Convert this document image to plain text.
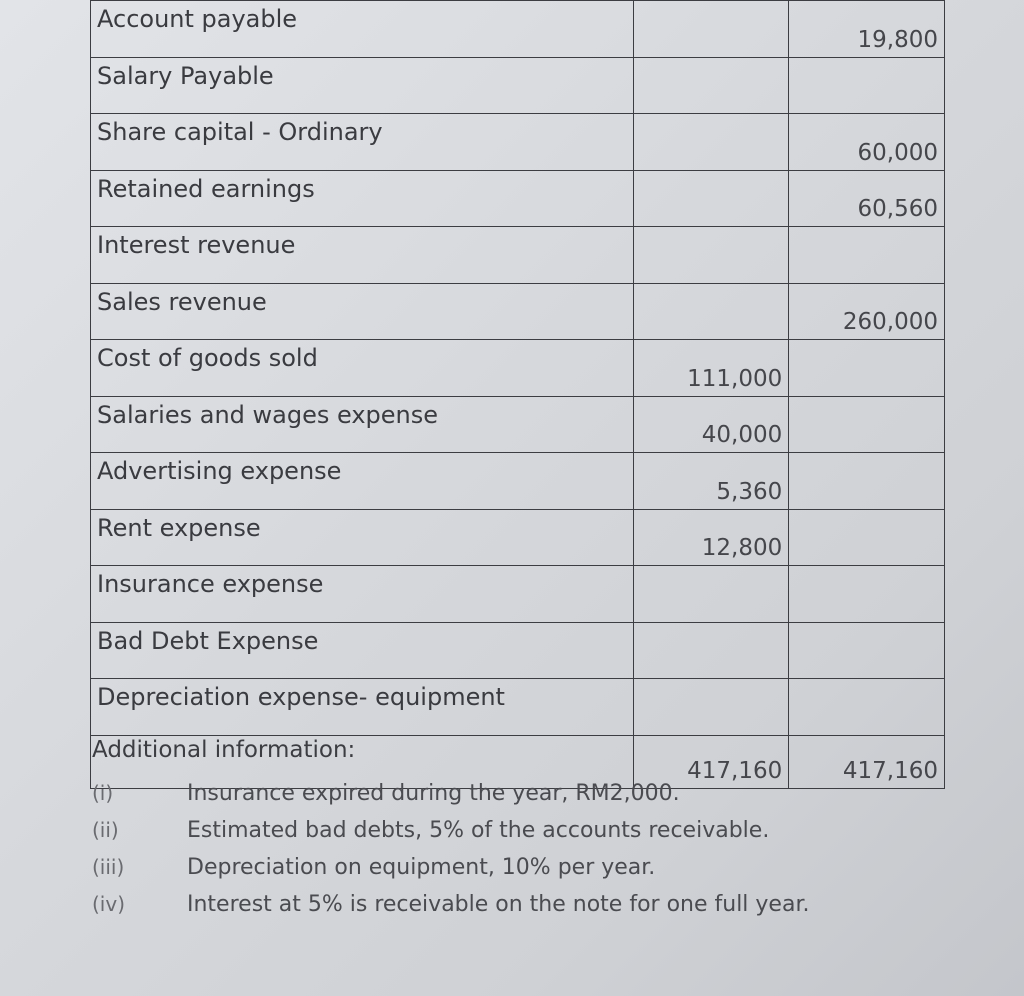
Account payable		19,800
Salary Payable		
Share capital - Ordinary		60,000
Retained earnings		60,560
Interest revenue		
Sales revenue		260,000
Cost of goods sold	111,000	
Salaries and wages expense	40,000	
Advertising expense	5,360	
Rent expense	12,800	
Insurance expense		
Bad Debt Expense		
Depreciation expense- equipment		
	417,160	417,160
Additional information:
(i)	Insurance expired during the year, RM2,000.
(ii)	Estimated bad debts, 5% of the accounts receivable.
(iii)	Depreciation on equipment, 10% per year.
(iv)	Interest at 5% is receivable on the note for one full year.
